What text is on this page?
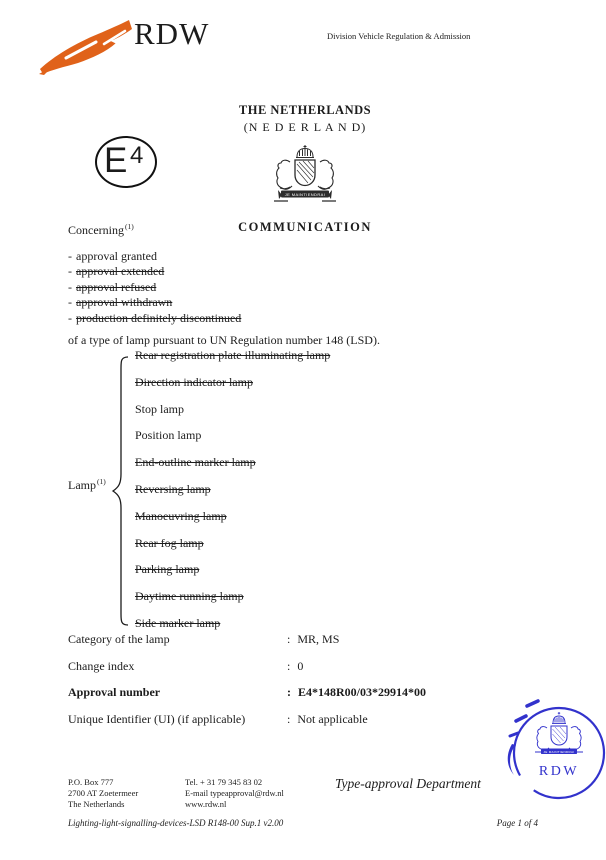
RDW	Division Vehicle Regulation & Admission
THE NETHERLANDS
(N E D E R L A N D)
JE MAINTIENDRAI
COMMUNICATION
E 4
Concerning$^{(1)}$
- approval granted
- approval extended
- approval refused
- approval withdrawn
- production definitely discontinued
of a type of lamp pursuant to UN Regulation number 148 (LSD).
Lamp$^{(1)}$
Rear registration plate illuminating lamp
Direction indicator lamp
Stop lamp
Position lamp
End-outline marker lamp
Reversing lamp
Manoeuvring lamp
Rear fog lamp
Parking lamp
Daytime running lamp
Side marker lamp
Category of the lamp	: MR, MS
Change index	: 0
Approval number	: E4*148R00/03*29914*00
Unique Identifier (UI) (if applicable)	: Not applicable
JE MAINTIENDRAI
RDW
P.O. Box 777
2700 AT Zoetermeer
The Netherlands
Tel. + 31 79 345 83 02
E-mail typeapproval@rdw.nl
www.rdw.nl
Type-approval Department
Lighting-light-signalling-devices-LSD R148-00 Sup.1 v2.00	Page 1 of 4
